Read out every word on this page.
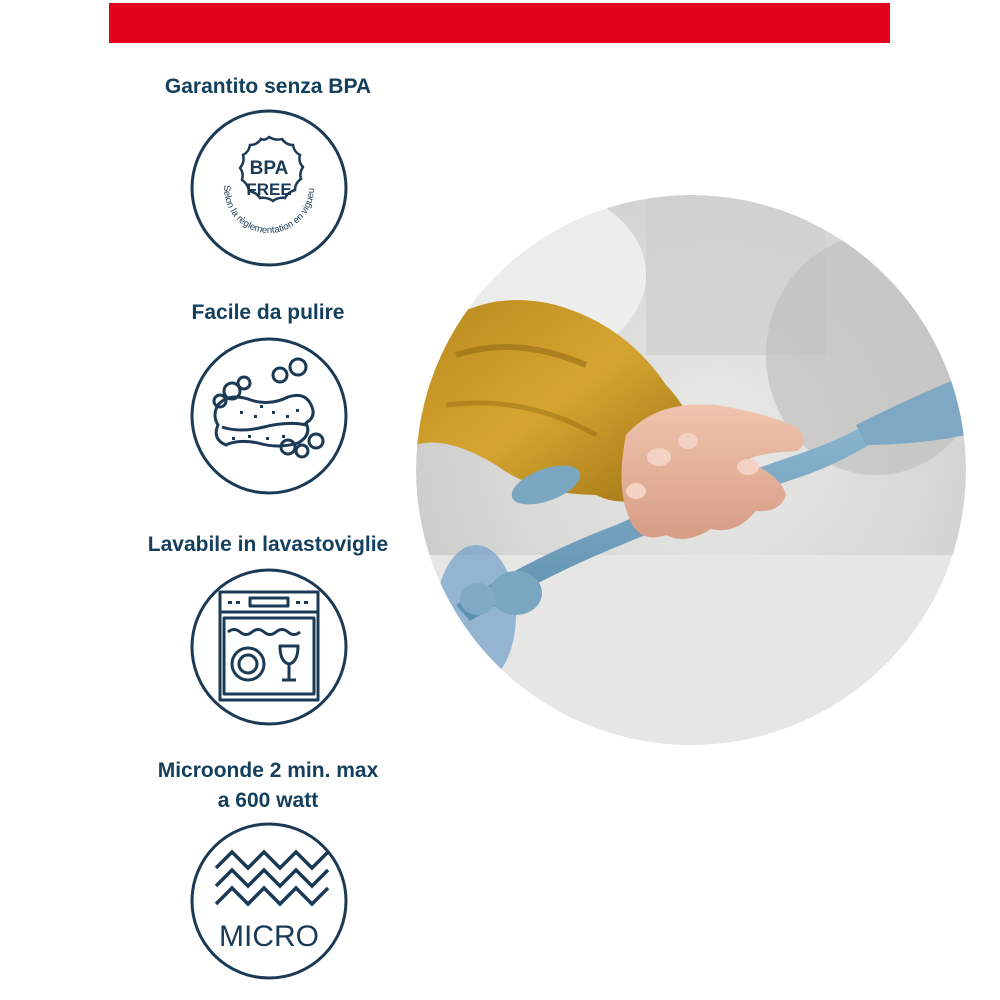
Garantito senza BPA
BPA
FREE
Selon la règlementation en vigueu
Facile da pulire
Lavabile in lavastoviglie
Microonde 2 min. max
a 600 watt
MICRO
